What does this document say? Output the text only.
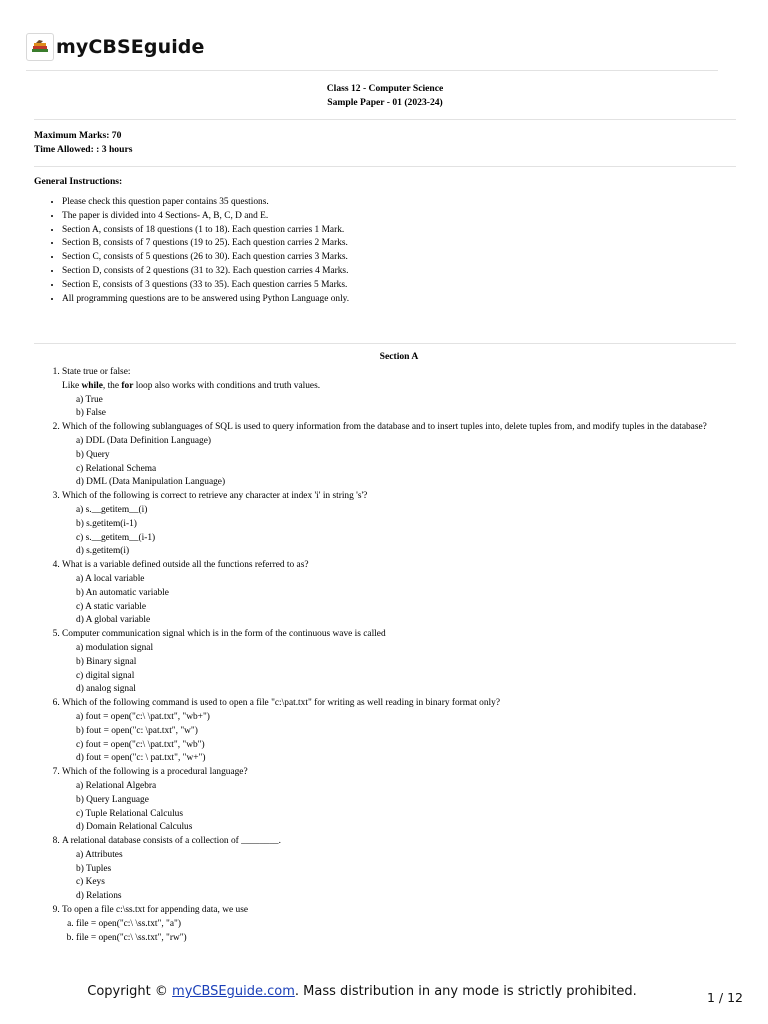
myCBSEguide
Class 12 - Computer Science
Sample Paper - 01 (2023-24)
Maximum Marks: 70
Time Allowed: : 3 hours
General Instructions:
• Please check this question paper contains 35 questions.
• The paper is divided into 4 Sections- A, B, C, D and E.
• Section A, consists of 18 questions (1 to 18). Each question carries 1 Mark.
• Section B, consists of 7 questions (19 to 25). Each question carries 2 Marks.
• Section C, consists of 5 questions (26 to 30). Each question carries 3 Marks.
• Section D, consists of 2 questions (31 to 32). Each question carries 4 Marks.
• Section E, consists of 3 questions (33 to 35). Each question carries 5 Marks.
• All programming questions are to be answered using Python Language only.
Section A
1. State true or false:
Like while, the for loop also works with conditions and truth values.
a) True
b) False
2. Which of the following sublanguages of SQL is used to query information from the database and to insert tuples into, delete tuples from, and modify tuples in the database?
a) DDL (Data Definition Language)
b) Query
c) Relational Schema
d) DML (Data Manipulation Language)
3. Which of the following is correct to retrieve any character at index 'i' in string 's'?
a) s.__getitem__(i)
b) s.getitem(i-1)
c) s.__getitem__(i-1)
d) s.getitem(i)
4. What is a variable defined outside all the functions referred to as?
a) A local variable
b) An automatic variable
c) A static variable
d) A global variable
5. Computer communication signal which is in the form of the continuous wave is called
a) modulation signal
b) Binary signal
c) digital signal
d) analog signal
6. Which of the following command is used to open a file "c:\pat.txt" for writing as well reading in binary format only?
a) fout = open("c:\ \pat.txt", "wb+")
b) fout = open("c: \pat.txt", "w")
c) fout = open("c:\ \pat.txt", "wb")
d) fout = open("c: \ pat.txt", "w+")
7. Which of the following is a procedural language?
a) Relational Algebra
b) Query Language
c) Tuple Relational Calculus
d) Domain Relational Calculus
8. A relational database consists of a collection of ________.
a) Attributes
b) Tuples
c) Keys
d) Relations
9. To open a file c:\ss.txt for appending data, we use
a. file = open("c:\ \ss.txt", "a")
b. file = open("c:\ \ss.txt", "rw")
Copyright © myCBSEguide.com. Mass distribution in any mode is strictly prohibited.	1 / 12
